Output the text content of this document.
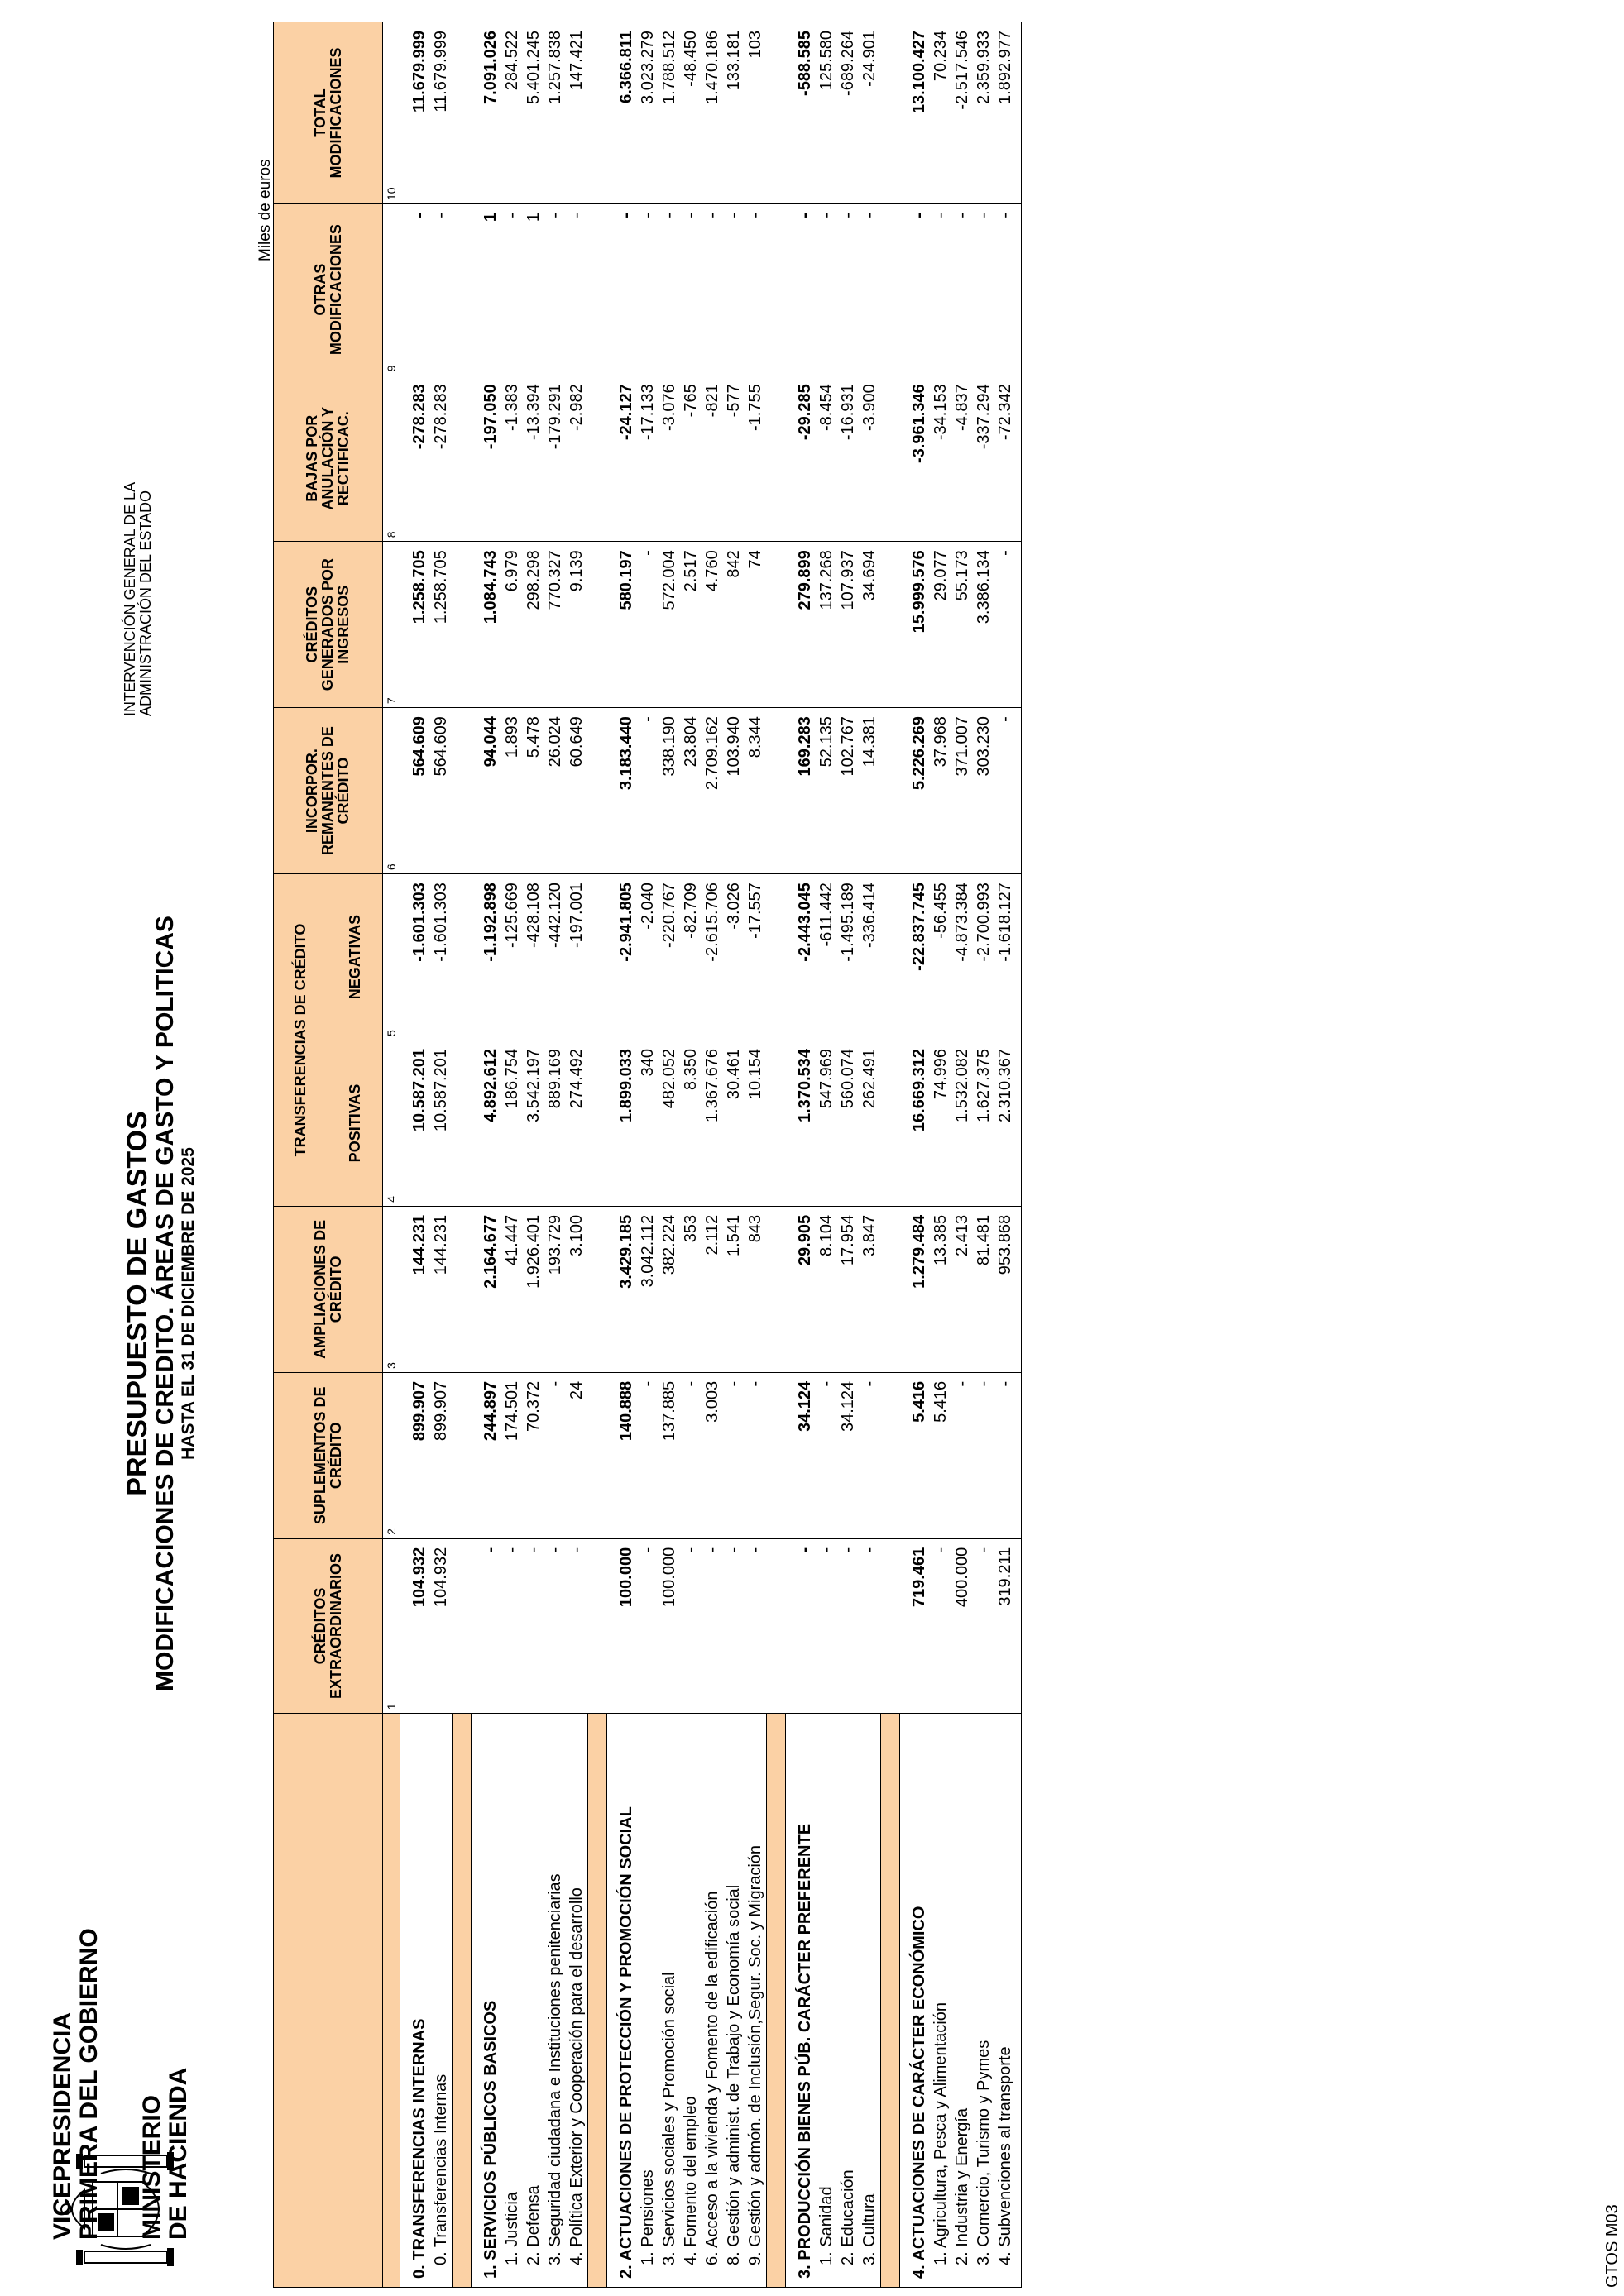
VICEPRESIDENCIA PRIMERA DEL GOBIERNO MINISTERIO DE HACIENDA
PRESUPUESTO DE GASTOS
MODIFICACIONES DE CREDITO. ÁREAS DE GASTO Y POLITICAS HASTA EL 31 DE DICIEMBRE DE 2025
INTERVENCIÓN GENERAL DE LA ADMINISTRACIÓN DEL ESTADO
Miles de euros
	CRÉDITOS EXTRAORDINARIOS	SUPLEMENTOS DE CRÉDITO	AMPLIACIONES DE CRÉDITO	TRANSFERENCIAS DE CRÉDITO		INCORPOR. REMANENTES DE CRÉDITO	CRÉDITOS GENERADOS POR INGRESOS	BAJAS POR ANULACIÓN Y RECTIFICAC.	OTRAS MODIFICACIONES	TOTAL MODIFICACIONES
				POSITIVAS	NEGATIVAS					
	1	2	3	4	5	6	7	8	9	10
0. TRANSFERENCIAS INTERNAS	104.932	899.907	144.231	10.587.201	-1.601.303	564.609	1.258.705	-278.283	-	11.679.999
0. Transferencias Internas	104.932	899.907	144.231	10.587.201	-1.601.303	564.609	1.258.705	-278.283	-	11.679.999

1. SERVICIOS PÚBLICOS BASICOS	-	244.897	2.164.677	4.892.612	-1.192.898	94.044	1.084.743	-197.050	1	7.091.026
1. Justicia	-	174.501	41.447	186.754	-125.669	1.893	6.979	-1.383	-	284.522
2. Defensa	-	70.372	1.926.401	3.542.197	-428.108	5.478	298.298	-13.394	1	5.401.245
3. Seguridad ciudadana e Instituciones penitenciarias	-	-	193.729	889.169	-442.120	26.024	770.327	-179.291	-	1.257.838
4. Política Exterior y Cooperación para el desarrollo	-	24	3.100	274.492	-197.001	60.649	9.139	-2.982	-	147.421

2. ACTUACIONES DE PROTECCIÓN Y PROMOCIÓN SOCIAL	100.000	140.888	3.429.185	1.899.033	-2.941.805	3.183.440	580.197	-24.127	-	6.366.811
1. Pensiones	-	-	3.042.112	340	-2.040	-	-	-17.133	-	3.023.279
3. Servicios sociales y Promoción social	100.000	137.885	382.224	482.052	-220.767	338.190	572.004	-3.076	-	1.788.512
4. Fomento del empleo	-	-	353	8.350	-82.709	23.804	2.517	-765	-	-48.450
6. Acceso a la vivienda y Fomento de la edificación	-	3.003	2.112	1.367.676	-2.615.706	2.709.162	4.760	-821	-	1.470.186
8. Gestión y administ. de Trabajo y Economía social	-	-	1.541	30.461	-3.026	103.940	842	-577	-	133.181
9. Gestión y admón. de Inclusión,Segur. Soc. y Migración	-	-	843	10.154	-17.557	8.344	74	-1.755	-	103

3. PRODUCCIÓN BIENES PÚB. CARÁCTER PREFERENTE	-	34.124	29.905	1.370.534	-2.443.045	169.283	279.899	-29.285	-	-588.585
1. Sanidad	-	-	8.104	547.969	-611.442	52.135	137.268	-8.454	-	125.580
2. Educación	-	34.124	17.954	560.074	-1.495.189	102.767	107.937	-16.931	-	-689.264
3. Cultura	-	-	3.847	262.491	-336.414	14.381	34.694	-3.900	-	-24.901

4. ACTUACIONES DE CARÁCTER ECONÓMICO	719.461	5.416	1.279.484	16.669.312	-22.837.745	5.226.269	15.999.576	-3.961.346	-	13.100.427
1. Agricultura, Pesca y Alimentación	-	5.416	13.385	74.996	-56.455	37.968	29.077	-34.153	-	70.234
2. Industria y Energía	400.000	-	2.413	1.532.082	-4.873.384	371.007	55.173	-4.837	-	-2.517.546
3. Comercio, Turismo y Pymes	-	-	81.481	1.627.375	-2.700.993	303.230	3.386.134	-337.294	-	2.359.933
4. Subvenciones al transporte	319.211	-	953.868	2.310.367	-1.618.127	-	-	-72.342	-	1.892.977
GTOS M03
